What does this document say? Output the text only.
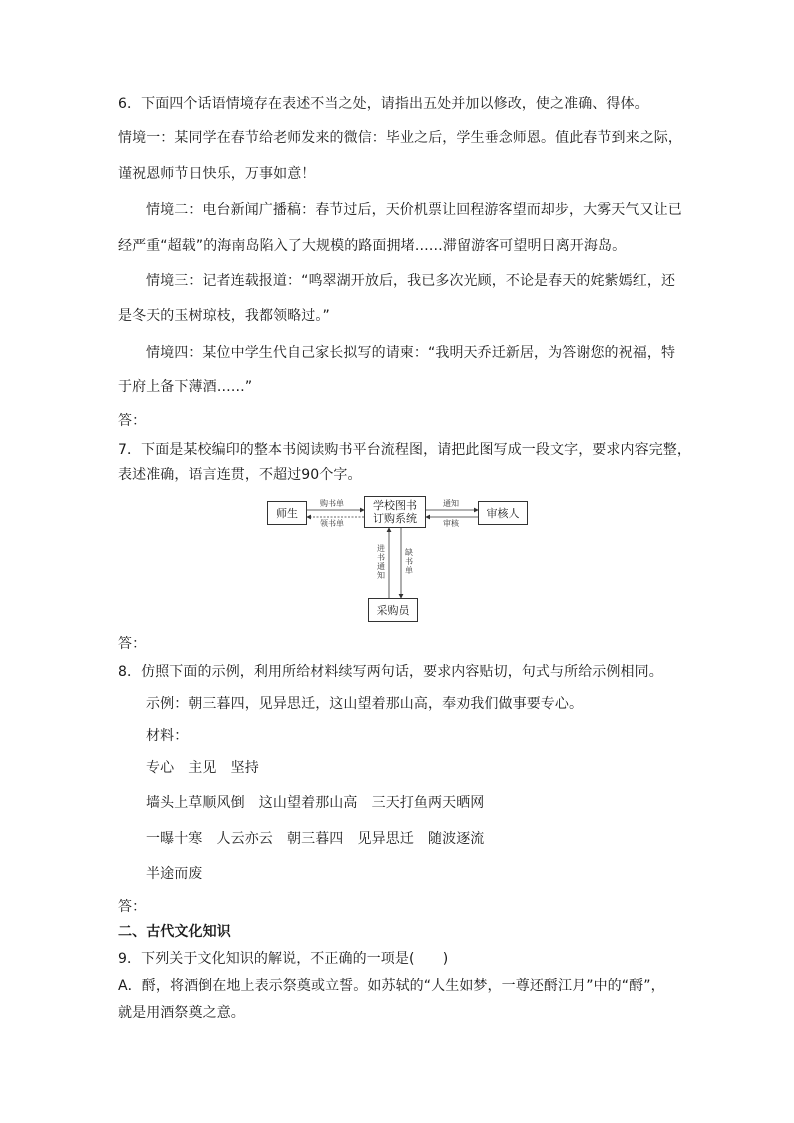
6．下面四个话语情境存在表述不当之处，请指出五处并加以修改，使之准确、得体。
情境一：某同学在春节给老师发来的微信：毕业之后，学生垂念师恩。值此春节到来之际，
谨祝恩师节日快乐，万事如意！
情境二：电台新闻广播稿：春节过后，天价机票让回程游客望而却步，大雾天气又让已
经严重“超载”的海南岛陷入了大规模的路面拥堵……滞留游客可望明日离开海岛。
情境三：记者连载报道：“鸣翠湖开放后，我已多次光顾，不论是春天的姹紫嫣红，还
是冬天的玉树琼枝，我都领略过。”
情境四：某位中学生代自己家长拟写的请柬：“我明天乔迁新居，为答谢您的祝福，特
于府上备下薄酒……”
答：
7．下面是某校编印的整本书阅读购书平台流程图，请把此图写成一段文字，要求内容完整，
表述准确，语言连贯，不超过90个字。
师生
学校图书
订购系统	审核人
采购员
购书单
领书单
通知
审核
进书通知
缺书单
答：
8．仿照下面的示例，利用所给材料续写两句话，要求内容贴切，句式与所给示例相同。
示例：朝三暮四，见异思迁，这山望着那山高，奉劝我们做事要专心。
材料：
专心　主见　坚持
墙头上草顺风倒　这山望着那山高　三天打鱼两天晒网
一曝十寒　人云亦云　朝三暮四　见异思迁　随波逐流
半途而废
答：
二、古代文化知识
9．下列关于文化知识的解说，不正确的一项是(　　)
A．酹，将酒倒在地上表示祭奠或立誓。如苏轼的“人生如梦，一尊还酹江月”中的“酹”，
就是用酒祭奠之意。
